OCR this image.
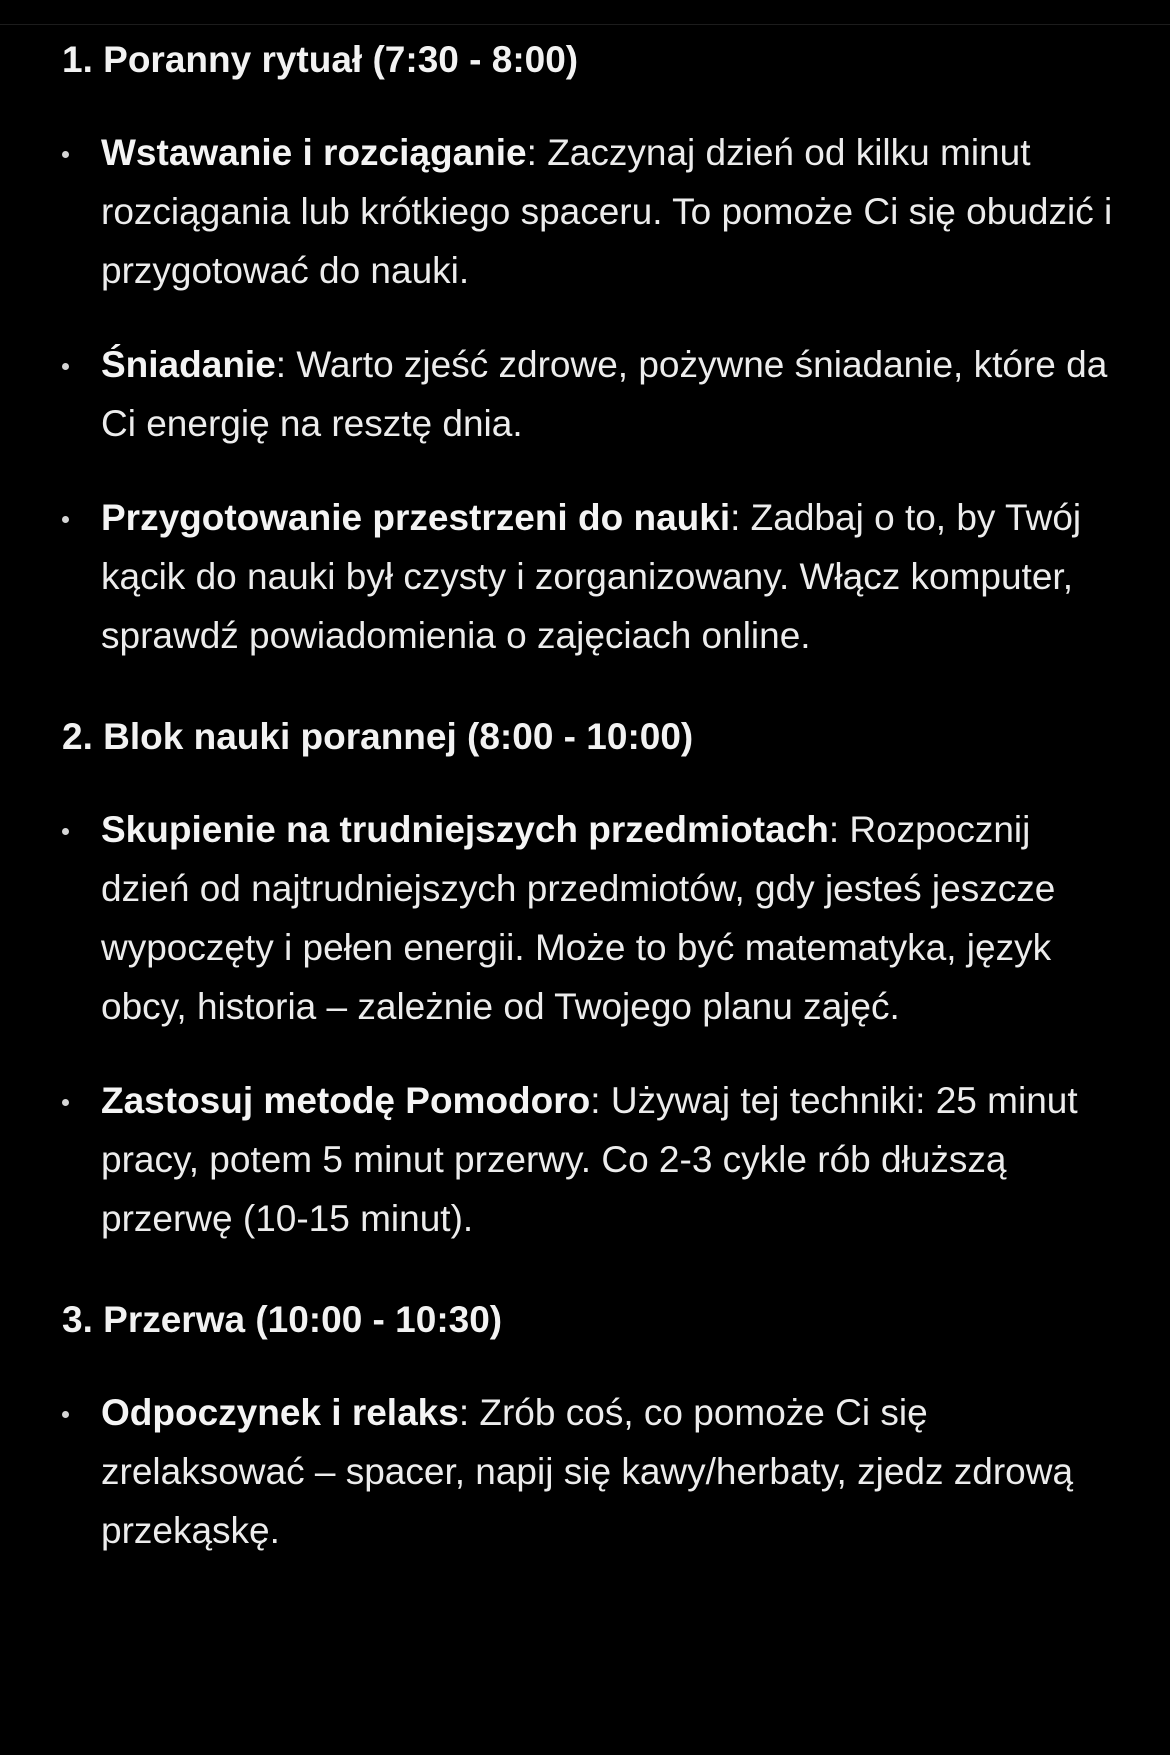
1. Poranny rytuał (7:30 - 8:00)
Wstawanie i rozciąganie: Zaczynaj dzień od kilku minut rozciągania lub krótkiego spaceru. To pomoże Ci się obudzić i przygotować do nauki.
Śniadanie: Warto zjeść zdrowe, pożywne śniadanie, które da Ci energię na resztę dnia.
Przygotowanie przestrzeni do nauki: Zadbaj o to, by Twój kącik do nauki był czysty i zorganizowany. Włącz komputer, sprawdź powiadomienia o zajęciach online.
2. Blok nauki porannej (8:00 - 10:00)
Skupienie na trudniejszych przedmiotach: Rozpocznij dzień od najtrudniejszych przedmiotów, gdy jesteś jeszcze wypoczęty i pełen energii. Może to być matematyka, język obcy, historia – zależnie od Twojego planu zajęć.
Zastosuj metodę Pomodoro: Używaj tej techniki: 25 minut pracy, potem 5 minut przerwy. Co 2-3 cykle rób dłuższą przerwę (10-15 minut).
3. Przerwa (10:00 - 10:30)
Odpoczynek i relaks: Zrób coś, co pomoże Ci się zrelaksować – spacer, napij się kawy/herbaty, zjedz zdrową przekąskę.
